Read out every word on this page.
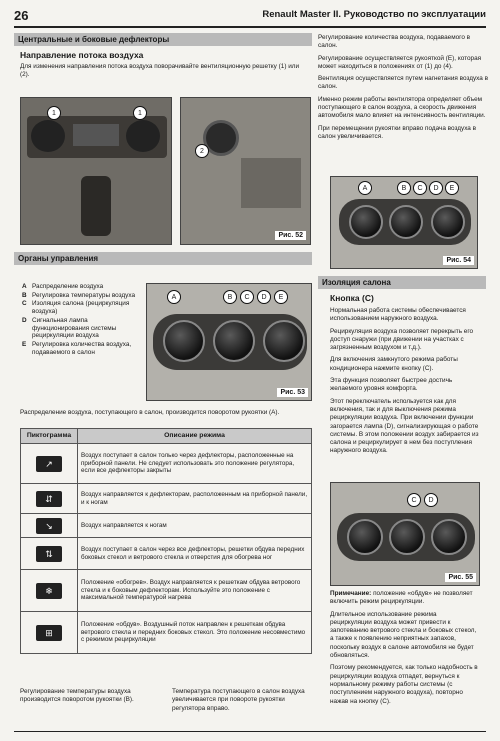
26	Renault Master II. Руководство по эксплуатации
Центральные и боковые дефлекторы
Направление потока воздуха
Для изменения направления потока воздуха поворачивайте вентиляционную решетку (1) или (2).
1	1
2
Рис. 52

Регулирование количества воздуха, подаваемого в салон.

Регулирование осуществляется рукояткой (Е), которая может находиться в положениях от (1) до (4).

Вентиляция осуществляется путем нагнетания воздуха в салон.

Именно режим работы вентилятора определяет объем поступающего в салон воздуха, а скорость движения автомобиля мало влияет на интенсивность вентиляции.

При перемещении рукоятки вправо подача воздуха в салон увеличивается.

A	B	C	D	E
Рис. 54
Органы управления
A Распределение воздуха
B Регулировка температуры воздуха
C Изоляция салона (рециркуляция воздуха)
D Сигнальная лампа функционирования системы рециркуляции воздуха
E Регулировка количества воздуха, подаваемого в салон
A	B	C	D	E
Рис. 53
Распределение воздуха, поступающего в салон, производится поворотом рукоятки (А).
Пиктограмма	Описание режима

↗	Воздух поступает в салон только через дефлекторы, расположенные на приборной панели. Не следует использовать это положение регулятора, если все дефлекторы закрыты

⇵	Воздух направляется к дефлекторам, расположенным на приборной панели, и к ногам

↘	Воздух направляется к ногам

⇅	Воздух поступает в салон через все дефлекторы, решетки обдува передних боковых стекол и ветрового стекла и отверстия для обогрева ног

❄	Положение «обогрев». Воздух направляется к решеткам обдува ветрового стекла и к боковым дефлекторам. Используйте это положение с максимальной температурой нагрева

⊞	Положение «обдув». Воздушный поток направлен к решеткам обдува ветрового стекла и передних боковых стекол. Это положение несовместимо с режимом рециркуляции
Регулирование температуры воздуха производится поворотом рукоятки (В).
Температура поступающего в салон воздуха увеличивается при повороте рукоятки регулятора вправо.
Изоляция салона
Кнопка (С)

Нормальная работа системы обеспечивается использованием наружного воздуха.

Рециркуляция воздуха позволяет перекрыть его доступ снаружи (при движении на участках с загрязненным воздухом и т.д.).

Для включения замкнутого режима работы кондиционера нажмите кнопку (С).

Эта функция позволяет быстрее достичь желаемого уровня комфорта.

Этот переключатель используется как для включения, так и для выключения режима рециркуляции воздуха. При включении функции загорается лампа (D), сигнализирующая о работе системы. В этом положении воздух забирается из салона и рециркулирует в нем без поступления наружного воздуха.

C	D
Рис. 55

Примечание: положение «обдув» не позволяет включить режим рециркуляции.

Длительное использование режима рециркуляции воздуха может привести к запотеванию ветрового стекла и боковых стекол, а также к появлению неприятных запахов, поскольку воздух в салоне автомобиля не будет обновляться.

Поэтому рекомендуется, как только надобность в рециркуляции воздуха отпадет, вернуться к нормальному режиму работы системы (с поступлением наружного воздуха), повторно нажав на кнопку (С).
